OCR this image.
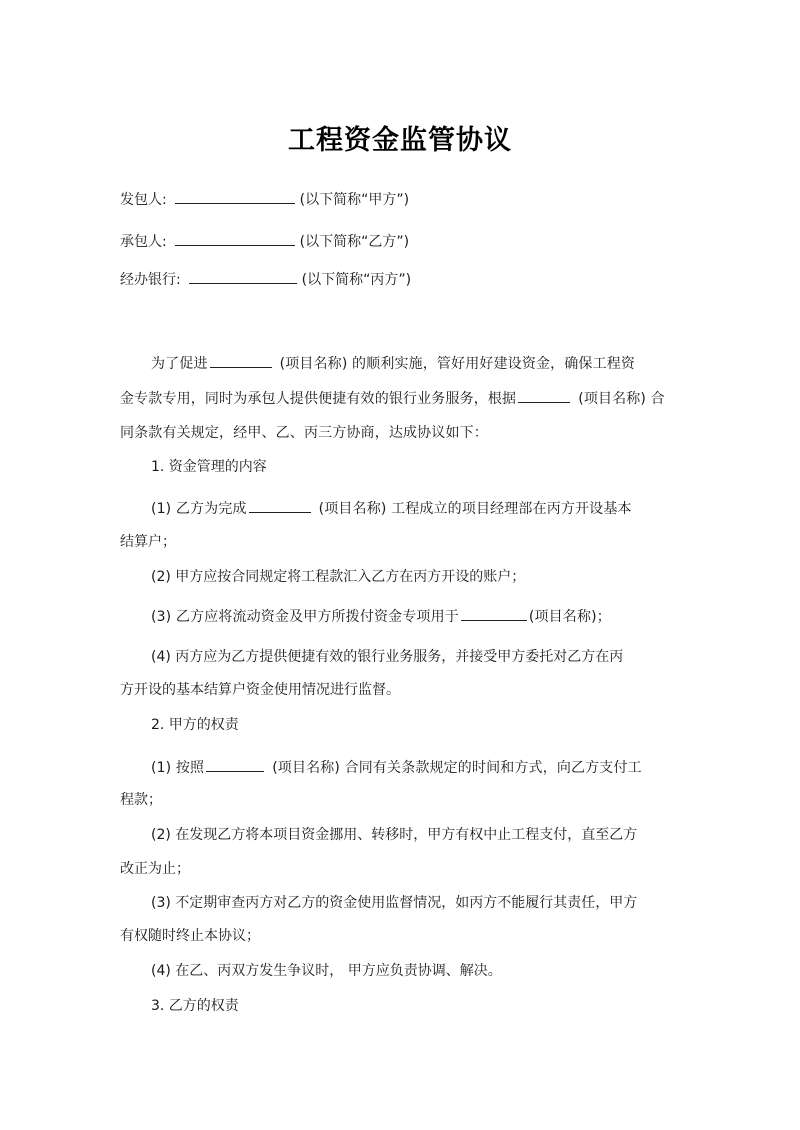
工程资金监管协议
发包人:	(以下简称“甲方”)
承包人:	(以下简称“乙方”)
经办银行:	(以下简称“丙方”)
为了促进	(项目名称) 的顺利实施，管好用好建设资金，确保工程资
金专款专用，同时为承包人提供便捷有效的银行业务服务，根据	(项目名称) 合
同条款有关规定，经甲、乙、丙三方协商，达成协议如下：
1. 资金管理的内容
(1) 乙方为完成	(项目名称) 工程成立的项目经理部在丙方开设基本
结算户；
(2) 甲方应按合同规定将工程款汇入乙方在丙方开设的账户；
(3) 乙方应将流动资金及甲方所拨付资金专项用于	(项目名称)；
(4) 丙方应为乙方提供便捷有效的银行业务服务，并接受甲方委托对乙方在丙
方开设的基本结算户资金使用情况进行监督。
2. 甲方的权责
(1) 按照	(项目名称) 合同有关条款规定的时间和方式，向乙方支付工
程款；
(2) 在发现乙方将本项目资金挪用、转移时，甲方有权中止工程支付，直至乙方
改正为止；
(3) 不定期审查丙方对乙方的资金使用监督情况，如丙方不能履行其责任，甲方
有权随时终止本协议；
(4) 在乙、丙双方发生争议时， 甲方应负责协调、解决。
3. 乙方的权责
